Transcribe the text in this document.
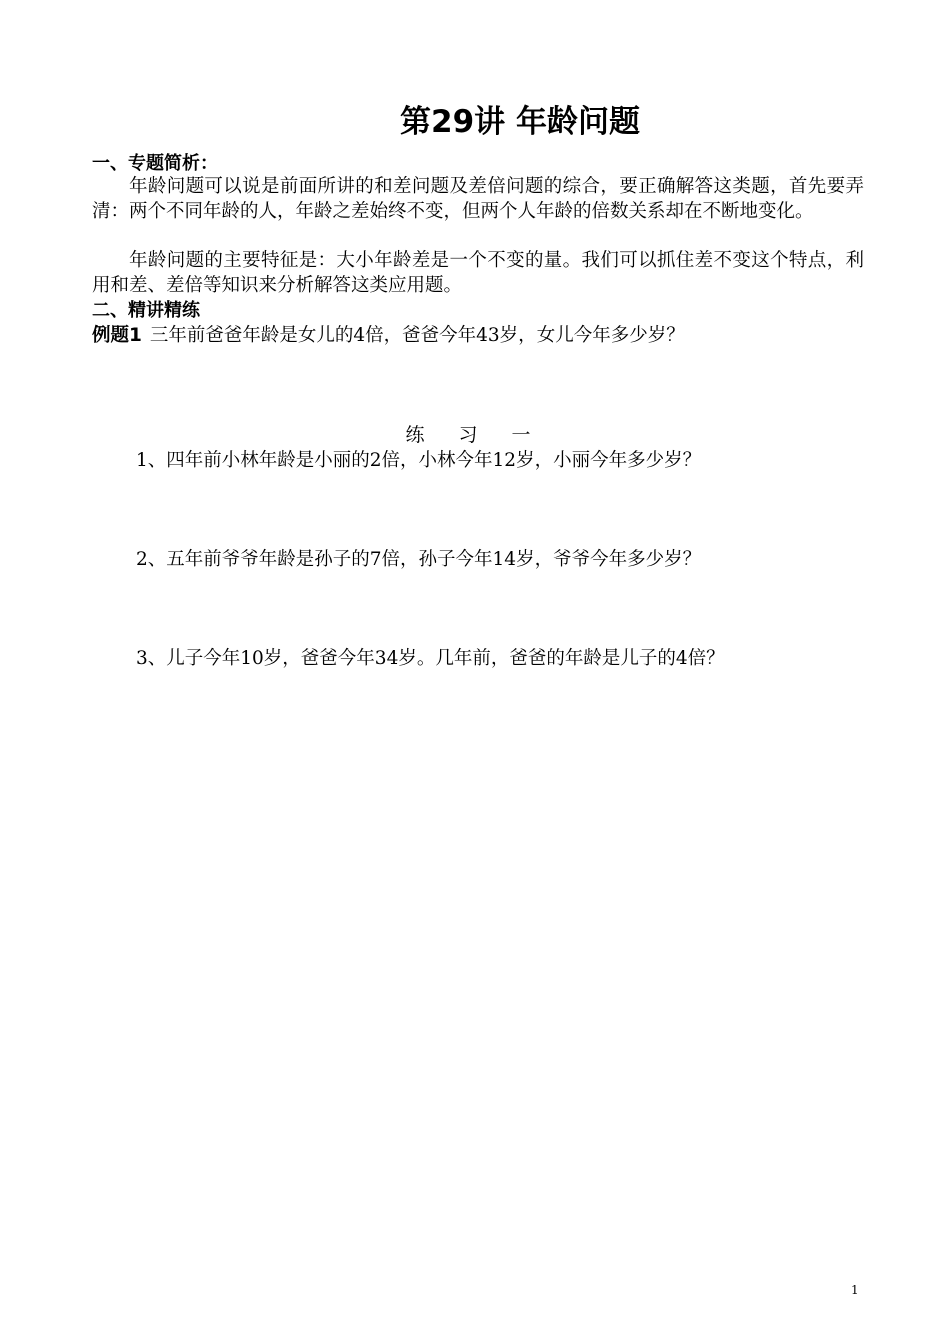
第29讲 年龄问题
一、专题简析：

年龄问题可以说是前面所讲的和差问题及差倍问题的综合，要正确解答这类题，首先要弄清：两个不同年龄的人，年龄之差始终不变，但两个人年龄的倍数关系却在不断地变化。

年龄问题的主要特征是：大小年龄差是一个不变的量。我们可以抓住差不变这个特点，利用和差、差倍等知识来分析解答这类应用题。

二、精讲精练
例题1 三年前爸爸年龄是女儿的4倍，爸爸今年43岁，女儿今年多少岁？
练 习 一
1、四年前小林年龄是小丽的2倍，小林今年12岁，小丽今年多少岁？
2、五年前爷爷年龄是孙子的7倍，孙子今年14岁，爷爷今年多少岁？
3、儿子今年10岁，爸爸今年34岁。几年前，爸爸的年龄是儿子的4倍？
1
